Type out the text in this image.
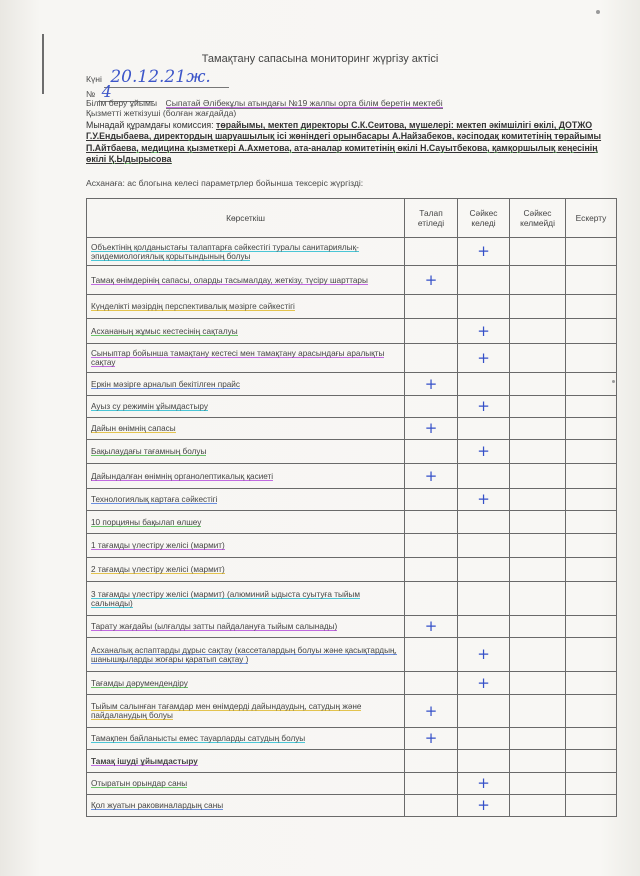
Тамақтану сапасына мониторинг жүргізу актісі
Күні 20.12.21ж.
№ 4
Білім беру ұйымы Сыпатай Әлібекұлы атындағы №19 жалпы орта білім беретін мектебі
Қызметті жеткізуші (болған жағдайда)
Мынадай құрамдағы комиссия: төрайымы, мектеп директоры С.К.Сеитова, мүшелері: мектеп әкімшілігі өкілі, ДОТЖО Г.У.Ендыбаева, директордың шаруашылық ісі жөніндегі орынбасары А.Найзабеков, кәсіподақ комитетінің төрайымы П.Айтбаева, медицина қызметкері А.Ахметова, ата-аналар комитетінің өкілі Н.Сауытбекова, қамқоршылық кеңесінің өкілі Қ.Ыдырысова
Асханаға: ас блогына келесі параметрлер бойынша тексеріс жүргізді:
Көрсеткіш	Талап етіледі	Сәйкес келеді	Сәйкес келмейді	Ескерту
Объектінің қолданыстағы талаптарға сәйкестігі туралы санитариялық-эпидемиологиялық қорытындының болуы		+		
Тамақ өнімдерінің сапасы, оларды тасымалдау, жеткізу, түсіру шарттары	+			
Күнделікті мәзірдің перспективалық мәзірге сәйкестігі				
Асхананың жұмыс кестесінің сақталуы		+		
Сыныптар бойынша тамақтану кестесі мен тамақтану арасындағы аралықты сақтау		+		
Еркін мәзірге арналып бекітілген прайс	+			
Ауыз су режимін ұйымдастыру		+		
Дайын өнімнің сапасы	+			
Бақылаудағы тағамның болуы		+		
Дайындалған өнімнің органолептикалық қасиеті	+			
Технологиялық картаға сәйкестігі		+		
10 порцияны бақылап өлшеу				
1 тағамды үлестіру желісі (мармит)				
2 тағамды үлестіру желісі (мармит)				
3 тағамды үлестіру желісі (мармит) (алюминий ыдыста суытуға тыйым салынады)				
Тарату жағдайы (ылғалды затты пайдалануға тыйым салынады)	+			
Асханалық аспаптарды дұрыс сақтау (кассеталардың болуы және қасықтардың, шанышқыларды жоғары қаратып сақтау )		+		
Тағамды дәрумендендіру		+		
Тыйым салынған тағамдар мен өнімдерді дайындаудың, сатудың және пайдаланудың болуы	+			
Тамақпен байланысты емес тауарларды сатудың болуы	+			
Тамақ ішуді ұйымдастыру				
Отыратын орындар саны		+		
Қол жуатын раковиналардың саны		+		
